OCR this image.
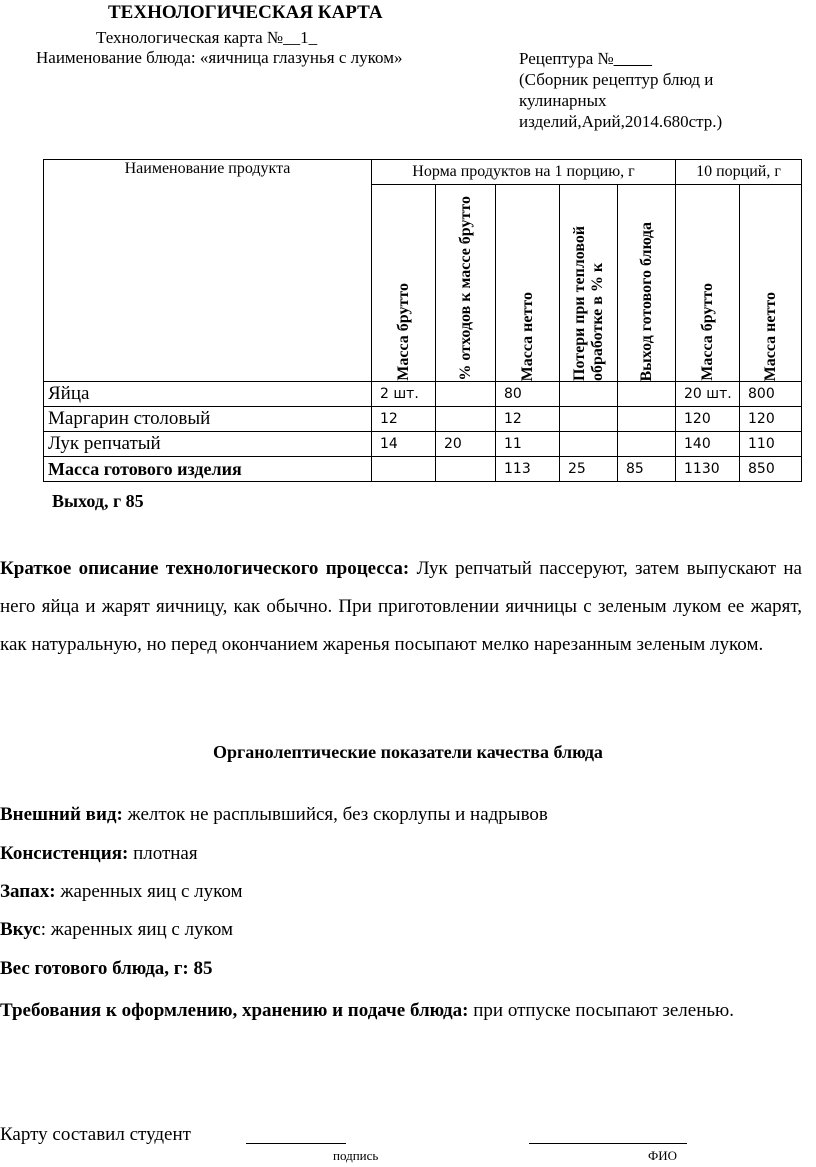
ТЕХНОЛОГИЧЕСКАЯ КАРТА
Технологическая карта №__1_
Наименование блюда: «яичница глазунья с луком»	Рецептура №__ __
(Сборник рецептур блюд и
кулинарных
изделий,Арий,2014.680стр.)
Наименование продукта	Норма продуктов на 1 порцию, г					10 порций, г	

	Масса брутто	% отходов к массе брутто	Масса нетто	Потери при тепловой обработке в % к	Выход готового блюда	Масса брутто	Масса нетто

Яйца	2 шт.		80			20 шт.	800
Маргарин столовый	12		12			120	120
Лук репчатый	14	20	11			140	110
Масса готового изделия			113	25	85	1130	850
Выход, г 85
Краткое описание технологического процесса: Лук репчатый пассеруют, затем выпускают на него яйца и жарят яичницу, как обычно. При приготовлении яичницы с зеленым луком ее жарят, как натуральную, но перед окончанием жаренья посыпают мелко нарезанным зеленым луком.
Органолептические показатели качества блюда
Внешний вид: желток не расплывшийся, без скорлупы и надрывов
Консистенция: плотная
Запах: жаренных яиц с луком
Вкус: жаренных яиц с луком
Вес готового блюда, г: 85
Требования к оформлению, хранению и подаче блюда: при отпуске посыпают зеленью.
Карту составил студент
подпись	ФИО
